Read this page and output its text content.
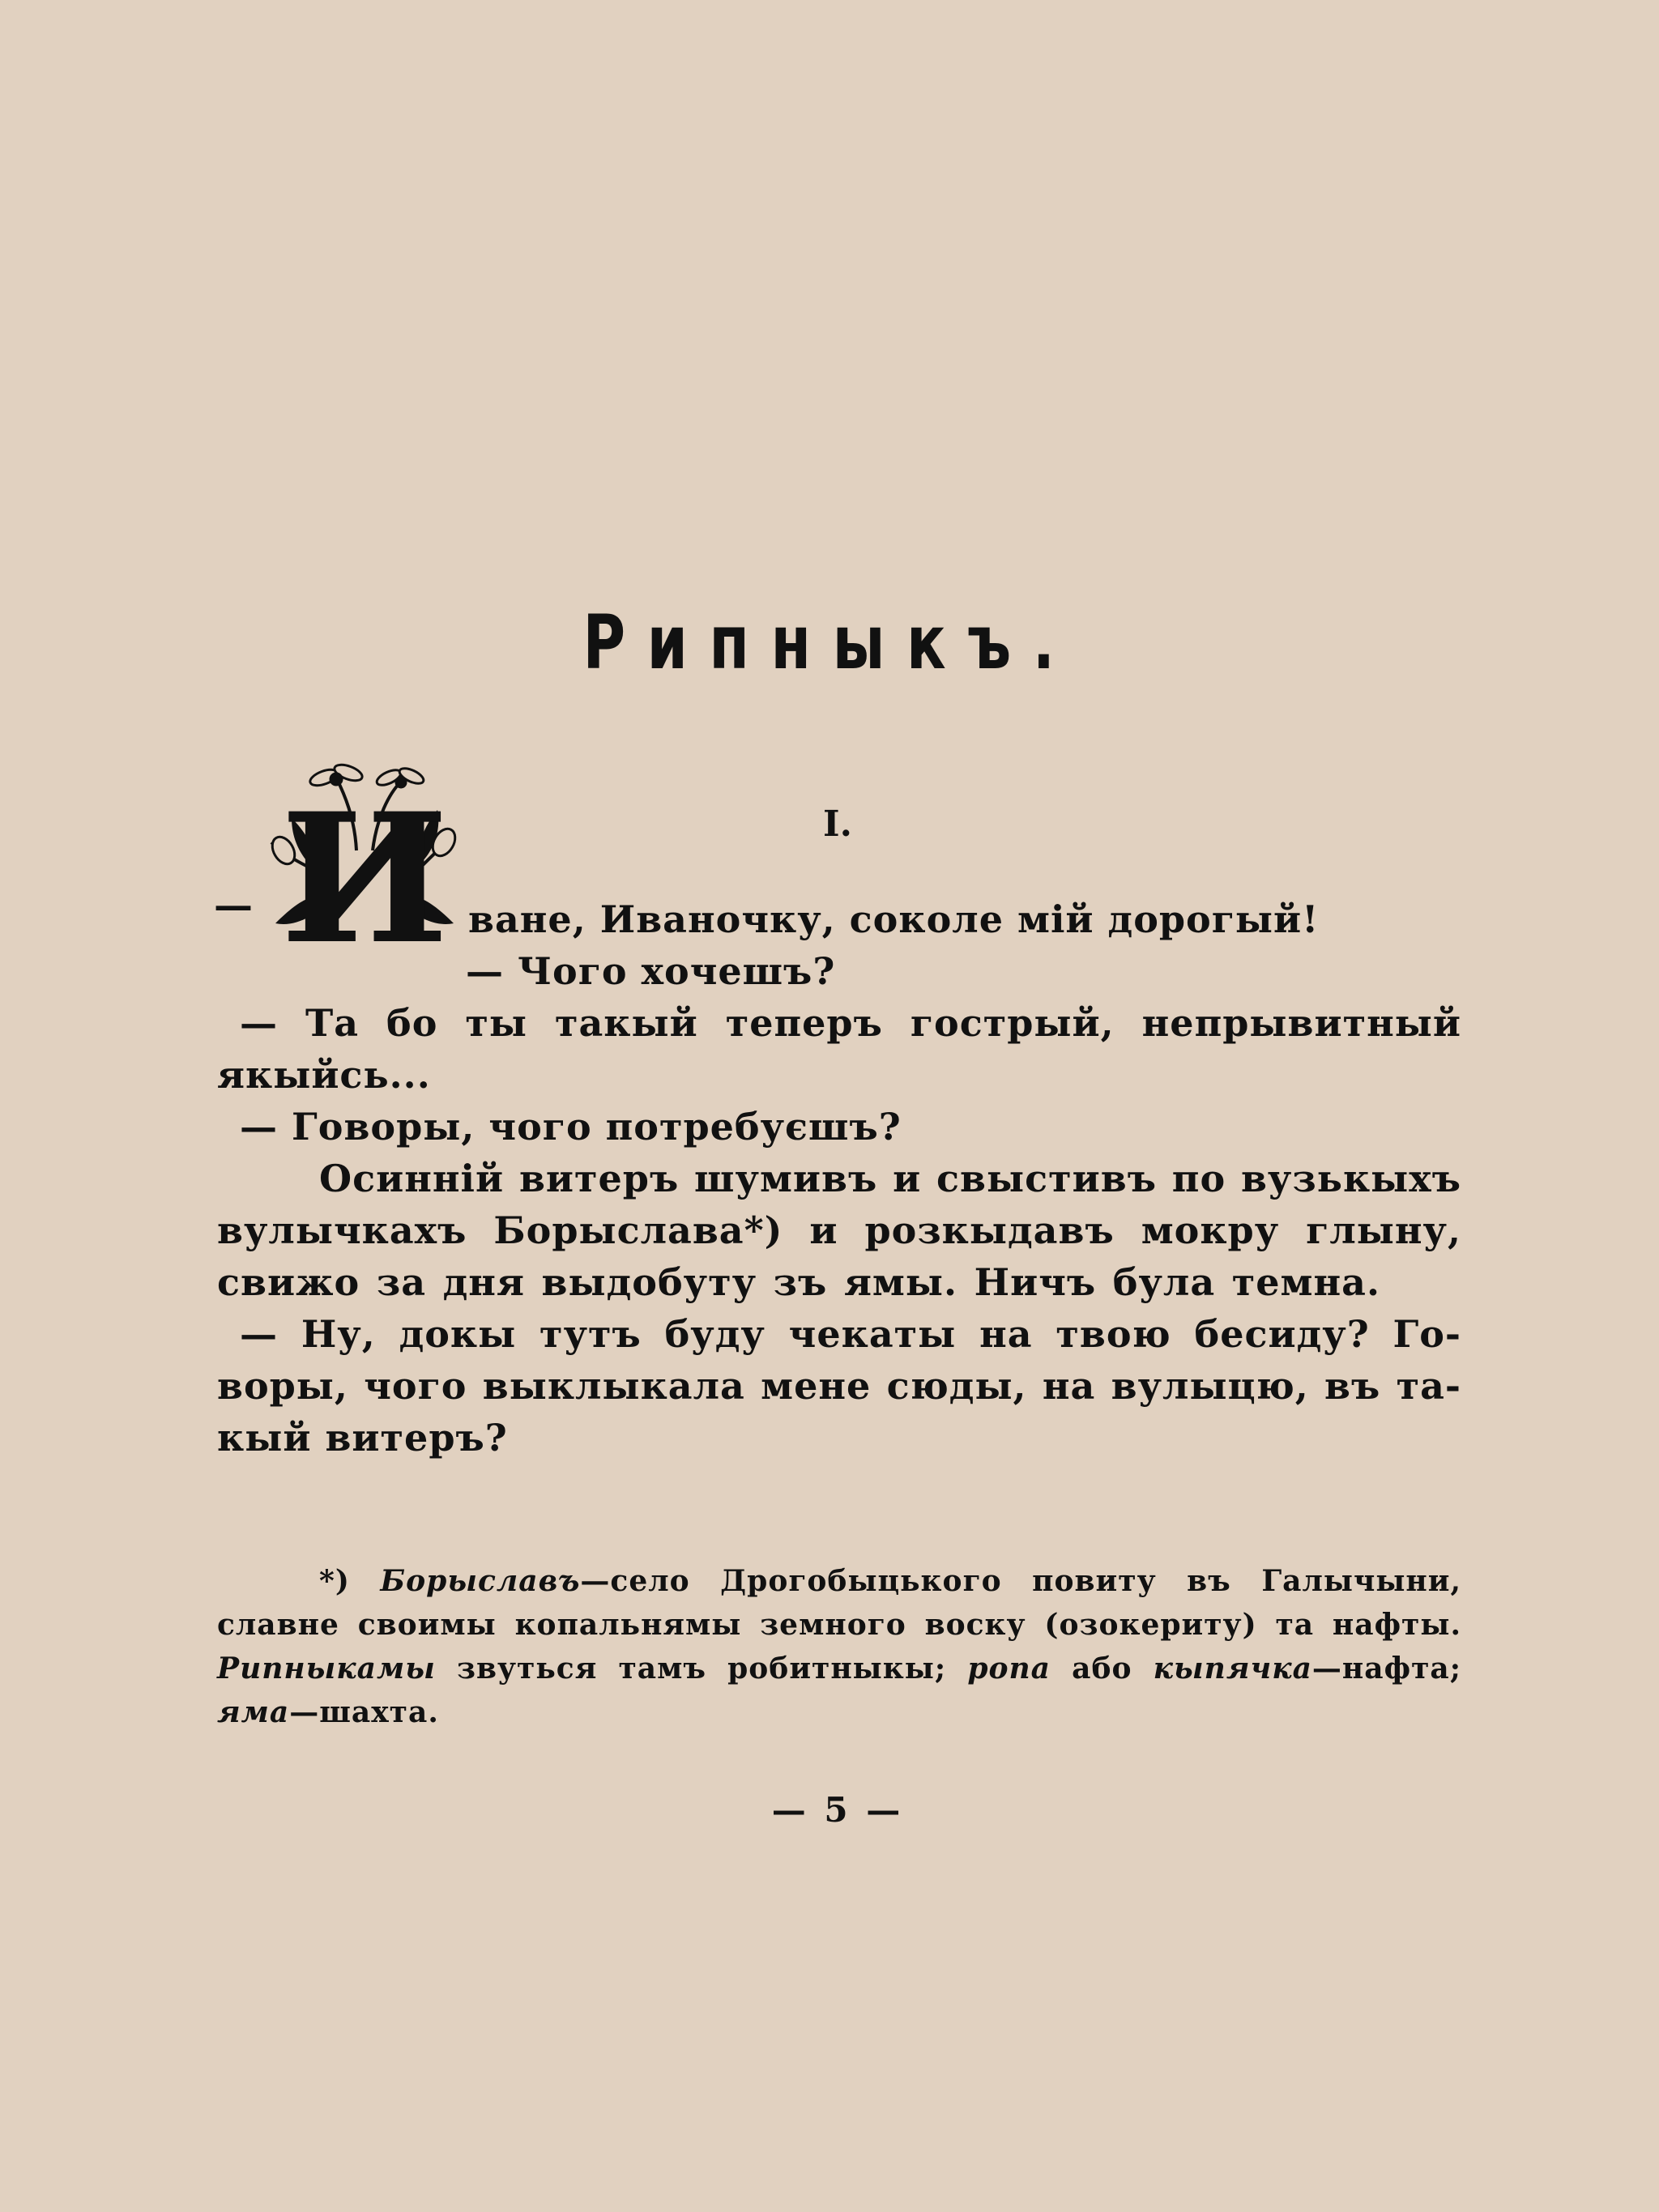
Рипныкъ.
I.
И
—	ване, Иваночку, соколе мій дорогый!
— Чого хочешъ?
— Та бо ты такый теперъ гострый, непрывитный
якыйсь...
— Говоры, чого потребуєшъ?
Осинній витеръ шумивъ и свыстивъ по вузькыхъ
вулычкахъ Борыслава*) и розкыдавъ мокру глыну,
свижо за дня выдобуту зъ ямы. Ничъ була темна.
— Ну, докы тутъ буду чекаты на твою бесиду? Го-
воры, чого выклыкала мене сюды, на вулыцю, въ та-
кый витеръ?
*) Борыславъ—село Дрогобыцького повиту въ Галычыни,
славне своимы копальнямы земного воску (озокериту) та нафты.
Рипныкамы звуться тамъ робитныкы; ропа або кыпячка—нафта;
яма—шахта.
— 5 —
